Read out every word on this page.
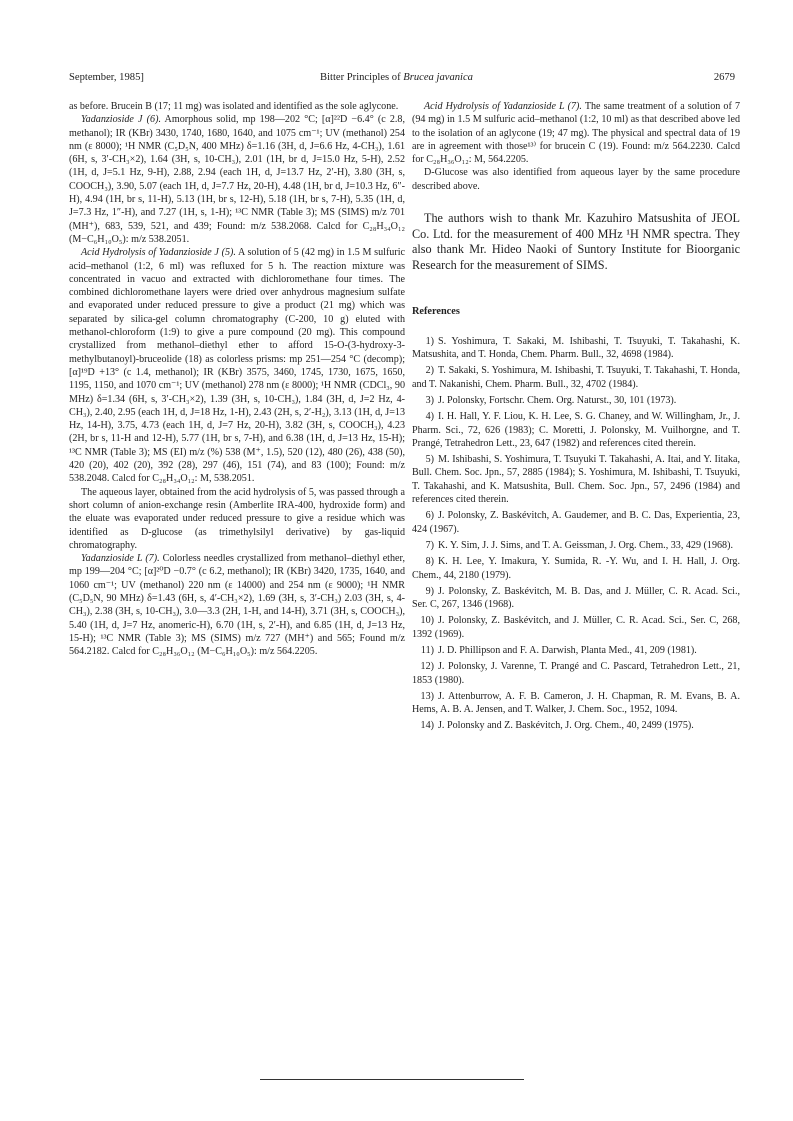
September, 1985]	Bitter Principles of Brucea javanica	2679

as before. Brucein B (17; 11 mg) was isolated and identified as the sole aglycone.

Yadanzioside J (6). Amorphous solid, mp 198—202 °C; [α]²²D −6.4° (c 2.8, methanol); IR (KBr) 3430, 1740, 1680, 1640, and 1075 cm⁻¹; UV (methanol) 254 nm (ε 8000); ¹H NMR (C₅D₅N, 400 MHz) δ=1.16 (3H, d, J=6.6 Hz, 4-CH₃), 1.61 (6H, s, 3′-CH₃×2), 1.64 (3H, s, 10-CH₃), 2.01 (1H, br d, J=15.0 Hz, 5-H), 2.52 (1H, d, J=5.1 Hz, 9-H), 2.88, 2.94 (each 1H, d, J=13.7 Hz, 2′-H), 3.80 (3H, s, COOCH₃), 3.90, 5.07 (each 1H, d, J=7.7 Hz, 20-H), 4.48 (1H, br d, J=10.3 Hz, 6″-H), 4.94 (1H, br s, 11-H), 5.13 (1H, br s, 12-H), 5.18 (1H, br s, 7-H), 5.35 (1H, d, J=7.3 Hz, 1″-H), and 7.27 (1H, s, 1-H); ¹³C NMR (Table 3); MS (SIMS) m/z 701 (MH⁺), 683, 539, 521, and 439; Found: m/z 538.2068. Calcd for C₂₈H₃₄O₁₂ (M−C₆H₁₀O₅): m/z 538.2051.

Acid Hydrolysis of Yadanzioside J (5). A solution of 5 (42 mg) in 1.5 M sulfuric acid–methanol (1:2, 6 ml) was refluxed for 5 h. The reaction mixture was concentrated in vacuo and extracted with dichloromethane four times. The combined dichloromethane layers were dried over anhydrous magnesium sulfate and evaporated under reduced pressure to give a product (21 mg) which was separated by silica-gel column chromatography (C-200, 10 g) eluted with methanol-chloroform (1:9) to give a pure compound (20 mg). This compound crystallized from methanol–diethyl ether to afford 15-O-(3-hydroxy-3-methylbutanoyl)-bruceolide (18) as colorless prisms: mp 251—254 °C (decomp); [α]¹⁹D +13° (c 1.4, methanol); IR (KBr) 3575, 3460, 1745, 1730, 1675, 1650, 1195, 1150, and 1070 cm⁻¹; UV (methanol) 278 nm (ε 8000); ¹H NMR (CDCl₃, 90 MHz) δ=1.34 (6H, s, 3′-CH₃×2), 1.39 (3H, s, 10-CH₃), 1.84 (3H, d, J=2 Hz, 4-CH₃), 2.40, 2.95 (each 1H, d, J=18 Hz, 1-H), 2.43 (2H, s, 2′-H₂), 3.13 (1H, d, J=13 Hz, 14-H), 3.75, 4.73 (each 1H, d, J=7 Hz, 20-H), 3.82 (3H, s, COOCH₃), 4.23 (2H, br s, 11-H and 12-H), 5.77 (1H, br s, 7-H), and 6.38 (1H, d, J=13 Hz, 15-H); ¹³C NMR (Table 3); MS (EI) m/z (%) 538 (M⁺, 1.5), 520 (12), 480 (26), 438 (50), 420 (20), 402 (20), 392 (28), 297 (46), 151 (74), and 83 (100); Found: m/z 538.2048. Calcd for C₂₈H₃₄O₁₂: M, 538.2051.

The aqueous layer, obtained from the acid hydrolysis of 5, was passed through a short column of anion-exchange resin (Amberlite IRA-400, hydroxide form) and the eluate was evaporated under reduced pressure to give a residue which was identified as D-glucose (as trimethylsilyl derivative) by gas-liquid chromatography.

Yadanzioside L (7). Colorless needles crystallized from methanol–diethyl ether, mp 199—204 °C; [α]²⁰D −0.7° (c 6.2, methanol); IR (KBr) 3420, 1735, 1640, and 1060 cm⁻¹; UV (methanol) 220 nm (ε 14000) and 254 nm (ε 9000); ¹H NMR (C₅D₅N, 90 MHz) δ=1.43 (6H, s, 4′-CH₃×2), 1.69 (3H, s, 3′-CH₃) 2.03 (3H, s, 4-CH₃), 2.38 (3H, s, 10-CH₃), 3.0—3.3 (2H, 1-H, and 14-H), 3.71 (3H, s, COOCH₃), 5.40 (1H, d, J=7 Hz, anomeric-H), 6.70 (1H, s, 2′-H), and 6.85 (1H, d, J=13 Hz, 15-H); ¹³C NMR (Table 3); MS (SIMS) m/z 727 (MH⁺) and 565; Found m/z 564.2182. Calcd for C₂₈H₃₆O₁₂ (M−C₆H₁₀O₅): m/z 564.2205.

Acid Hydrolysis of Yadanzioside L (7). The same treatment of a solution of 7 (94 mg) in 1.5 M sulfuric acid–methanol (1:2, 10 ml) as that described above led to the isolation of an aglycone (19; 47 mg). The physical and spectral data of 19 are in agreement with those¹³⁾ for brucein C (19). Found: m/z 564.2230. Calcd for C₂₈H₃₆O₁₂: M, 564.2205.

D-Glucose was also identified from aqueous layer by the same procedure described above.

The authors wish to thank Mr. Kazuhiro Matsushita of JEOL Co. Ltd. for the measurement of 400 MHz ¹H NMR spectra. They also thank Mr. Hideo Naoki of Suntory Institute for Bioorganic Research for the measurement of SIMS.

References

1) S. Yoshimura, T. Sakaki, M. Ishibashi, T. Tsuyuki, T. Takahashi, K. Matsushita, and T. Honda, Chem. Pharm. Bull., 32, 4698 (1984).
2) T. Sakaki, S. Yoshimura, M. Ishibashi, T. Tsuyuki, T. Takahashi, T. Honda, and T. Nakanishi, Chem. Pharm. Bull., 32, 4702 (1984).
3) J. Polonsky, Fortschr. Chem. Org. Naturst., 30, 101 (1973).
4) I. H. Hall, Y. F. Liou, K. H. Lee, S. G. Chaney, and W. Willingham, Jr., J. Pharm. Sci., 72, 626 (1983); C. Moretti, J. Polonsky, M. Vuilhorgne, and T. Prangé, Tetrahedron Lett., 23, 647 (1982) and references cited therein.
5) M. Ishibashi, S. Yoshimura, T. Tsuyuki T. Takahashi, A. Itai, and Y. Iitaka, Bull. Chem. Soc. Jpn., 57, 2885 (1984); S. Yoshimura, M. Ishibashi, T. Tsuyuki, T. Takahashi, and K. Matsushita, Bull. Chem. Soc. Jpn., 57, 2496 (1984) and references cited therein.
6) J. Polonsky, Z. Baskévitch, A. Gaudemer, and B. C. Das, Experientia, 23, 424 (1967).
7) K. Y. Sim, J. J. Sims, and T. A. Geissman, J. Org. Chem., 33, 429 (1968).
8) K. H. Lee, Y. Imakura, Y. Sumida, R. -Y. Wu, and I. H. Hall, J. Org. Chem., 44, 2180 (1979).
9) J. Polonsky, Z. Baskévitch, M. B. Das, and J. Müller, C. R. Acad. Sci., Ser. C, 267, 1346 (1968).
10) J. Polonsky, Z. Baskévitch, and J. Müller, C. R. Acad. Sci., Ser. C, 268, 1392 (1969).
11) J. D. Phillipson and F. A. Darwish, Planta Med., 41, 209 (1981).
12) J. Polonsky, J. Varenne, T. Prangé and C. Pascard, Tetrahedron Lett., 21, 1853 (1980).
13) J. Attenburrow, A. F. B. Cameron, J. H. Chapman, R. M. Evans, B. A. Hems, A. B. A. Jensen, and T. Walker, J. Chem. Soc., 1952, 1094.
14) J. Polonsky and Z. Baskévitch, J. Org. Chem., 40, 2499 (1975).
